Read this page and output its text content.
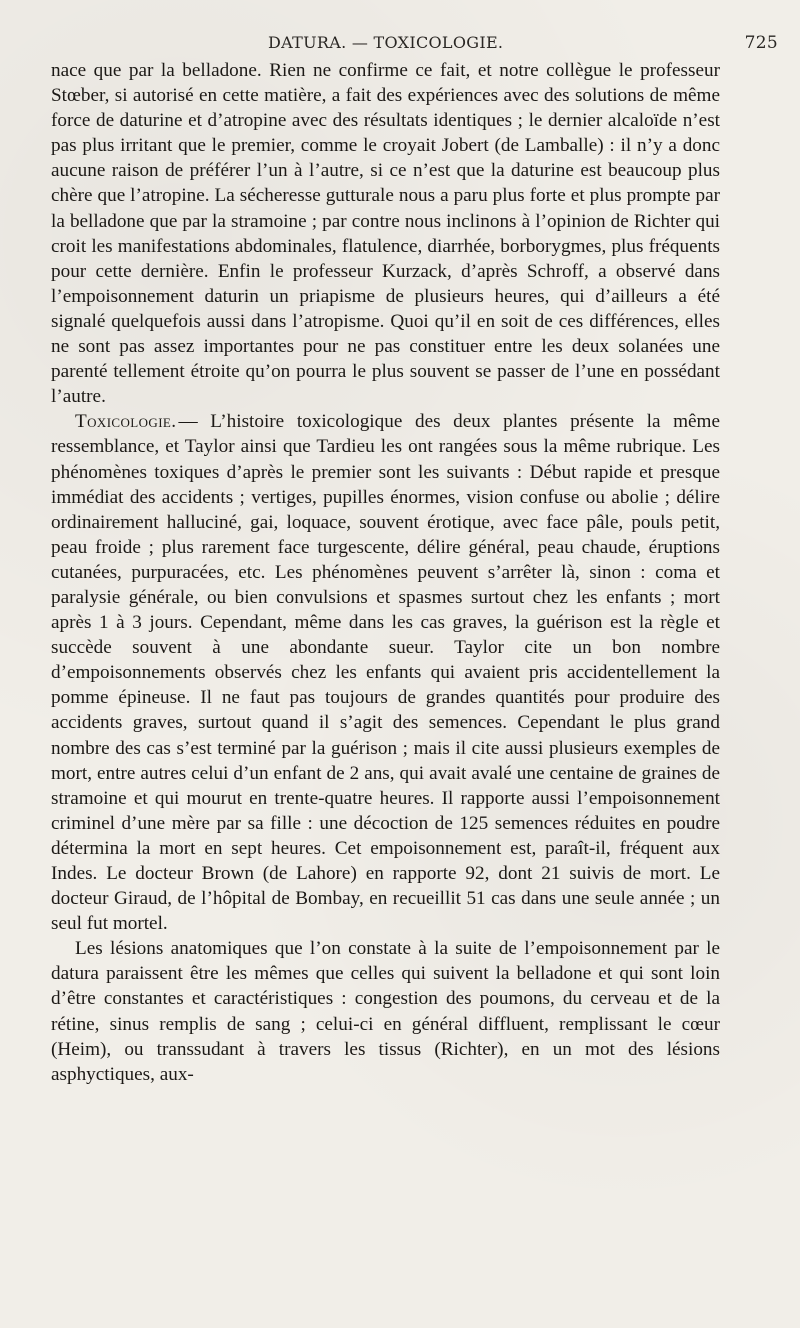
DATURA. — TOXICOLOGIE.	725

nace que par la belladone. Rien ne confirme ce fait, et notre collègue le professeur Stœber, si autorisé en cette matière, a fait des expériences avec des solutions de même force de daturine et d’atropine avec des résultats identiques ; le dernier alcaloïde n’est pas plus irritant que le premier, comme le croyait Jobert (de Lamballe) : il n’y a donc aucune raison de préférer l’un à l’autre, si ce n’est que la daturine est beaucoup plus chère que l’atropine. La sécheresse gutturale nous a paru plus forte et plus prompte par la belladone que par la stramoine ; par contre nous inclinons à l’opinion de Richter qui croit les manifestations abdominales, flatulence, diarrhée, borborygmes, plus fréquents pour cette dernière. Enfin le professeur Kurzack, d’après Schroff, a observé dans l’empoisonnement daturin un priapisme de plusieurs heures, qui d’ailleurs a été signalé quelquefois aussi dans l’atropisme. Quoi qu’il en soit de ces différences, elles ne sont pas assez importantes pour ne pas constituer entre les deux solanées une parenté tellement étroite qu’on pourra le plus souvent se passer de l’une en possédant l’autre.

Toxicologie. — L’histoire toxicologique des deux plantes présente la même ressemblance, et Taylor ainsi que Tardieu les ont rangées sous la même rubrique. Les phénomènes toxiques d’après le premier sont les suivants : Début rapide et presque immédiat des accidents ; vertiges, pupilles énormes, vision confuse ou abolie ; délire ordinairement halluciné, gai, loquace, souvent érotique, avec face pâle, pouls petit, peau froide ; plus rarement face turgescente, délire général, peau chaude, éruptions cutanées, purpuracées, etc. Les phénomènes peuvent s’arrêter là, sinon : coma et paralysie générale, ou bien convulsions et spasmes surtout chez les enfants ; mort après 1 à 3 jours. Cependant, même dans les cas graves, la guérison est la règle et succède souvent à une abondante sueur. Taylor cite un bon nombre d’empoisonnements observés chez les enfants qui avaient pris accidentellement la pomme épineuse. Il ne faut pas toujours de grandes quantités pour produire des accidents graves, surtout quand il s’agit des semences. Cependant le plus grand nombre des cas s’est terminé par la guérison ; mais il cite aussi plusieurs exemples de mort, entre autres celui d’un enfant de 2 ans, qui avait avalé une centaine de graines de stramoine et qui mourut en trente-quatre heures. Il rapporte aussi l’empoisonnement criminel d’une mère par sa fille : une décoction de 125 semences réduites en poudre détermina la mort en sept heures. Cet empoisonnement est, paraît-il, fréquent aux Indes. Le docteur Brown (de Lahore) en rapporte 92, dont 21 suivis de mort. Le docteur Giraud, de l’hôpital de Bombay, en recueillit 51 cas dans une seule année ; un seul fut mortel.

Les lésions anatomiques que l’on constate à la suite de l’empoisonnement par le datura paraissent être les mêmes que celles qui suivent la belladone et qui sont loin d’être constantes et caractéristiques : congestion des poumons, du cerveau et de la rétine, sinus remplis de sang ; celui-ci en général diffluent, remplissant le cœur (Heim), ou transsudant à travers les tissus (Richter), en un mot des lésions asphyctiques, aux-
